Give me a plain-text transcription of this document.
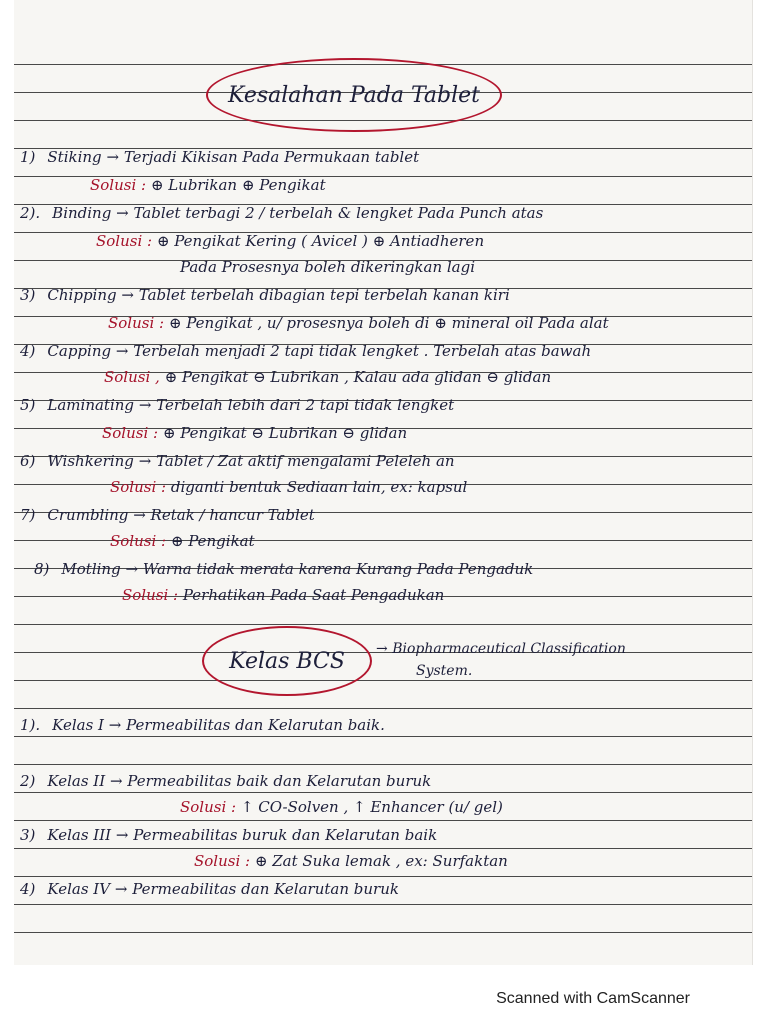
Kesalahan Pada Tablet
1) Stiking → Terjadi Kikisan Pada Permukaan tablet
Solusi : ⊕ Lubrikan ⊕ Pengikat
2). Binding → Tablet terbagi 2 / terbelah & lengket Pada Punch atas
Solusi : ⊕ Pengikat Kering ( Avicel ) ⊕ Antiadheren
Pada Prosesnya boleh dikeringkan lagi
3) Chipping → Tablet terbelah dibagian tepi terbelah kanan kiri
Solusi : ⊕ Pengikat , u/ prosesnya boleh di ⊕ mineral oil Pada alat
4) Capping → Terbelah menjadi 2 tapi tidak lengket . Terbelah atas bawah
Solusi , ⊕ Pengikat ⊖ Lubrikan , Kalau ada glidan ⊖ glidan
5) Laminating → Terbelah lebih dari 2 tapi tidak lengket
Solusi : ⊕ Pengikat ⊖ Lubrikan ⊖ glidan
6) Wishkering → Tablet / Zat aktif mengalami Peleleh an
Solusi : diganti bentuk Sediaan lain, ex: kapsul
7) Crumbling → Retak / hancur Tablet
Solusi : ⊕ Pengikat
8) Motling → Warna tidak merata karena Kurang Pada Pengaduk
Solusi : Perhatikan Pada Saat Pengadukan
Kelas BCS → Biopharmaceutical Classification
System.
1). Kelas I → Permeabilitas dan Kelarutan baik.
2) Kelas II → Permeabilitas baik dan Kelarutan buruk
Solusi : ↑ CO-Solven , ↑ Enhancer (u/ gel)
3) Kelas III → Permeabilitas buruk dan Kelarutan baik
Solusi : ⊕ Zat Suka lemak , ex: Surfaktan
4) Kelas IV → Permeabilitas dan Kelarutan buruk
Scanned with CamScanner
